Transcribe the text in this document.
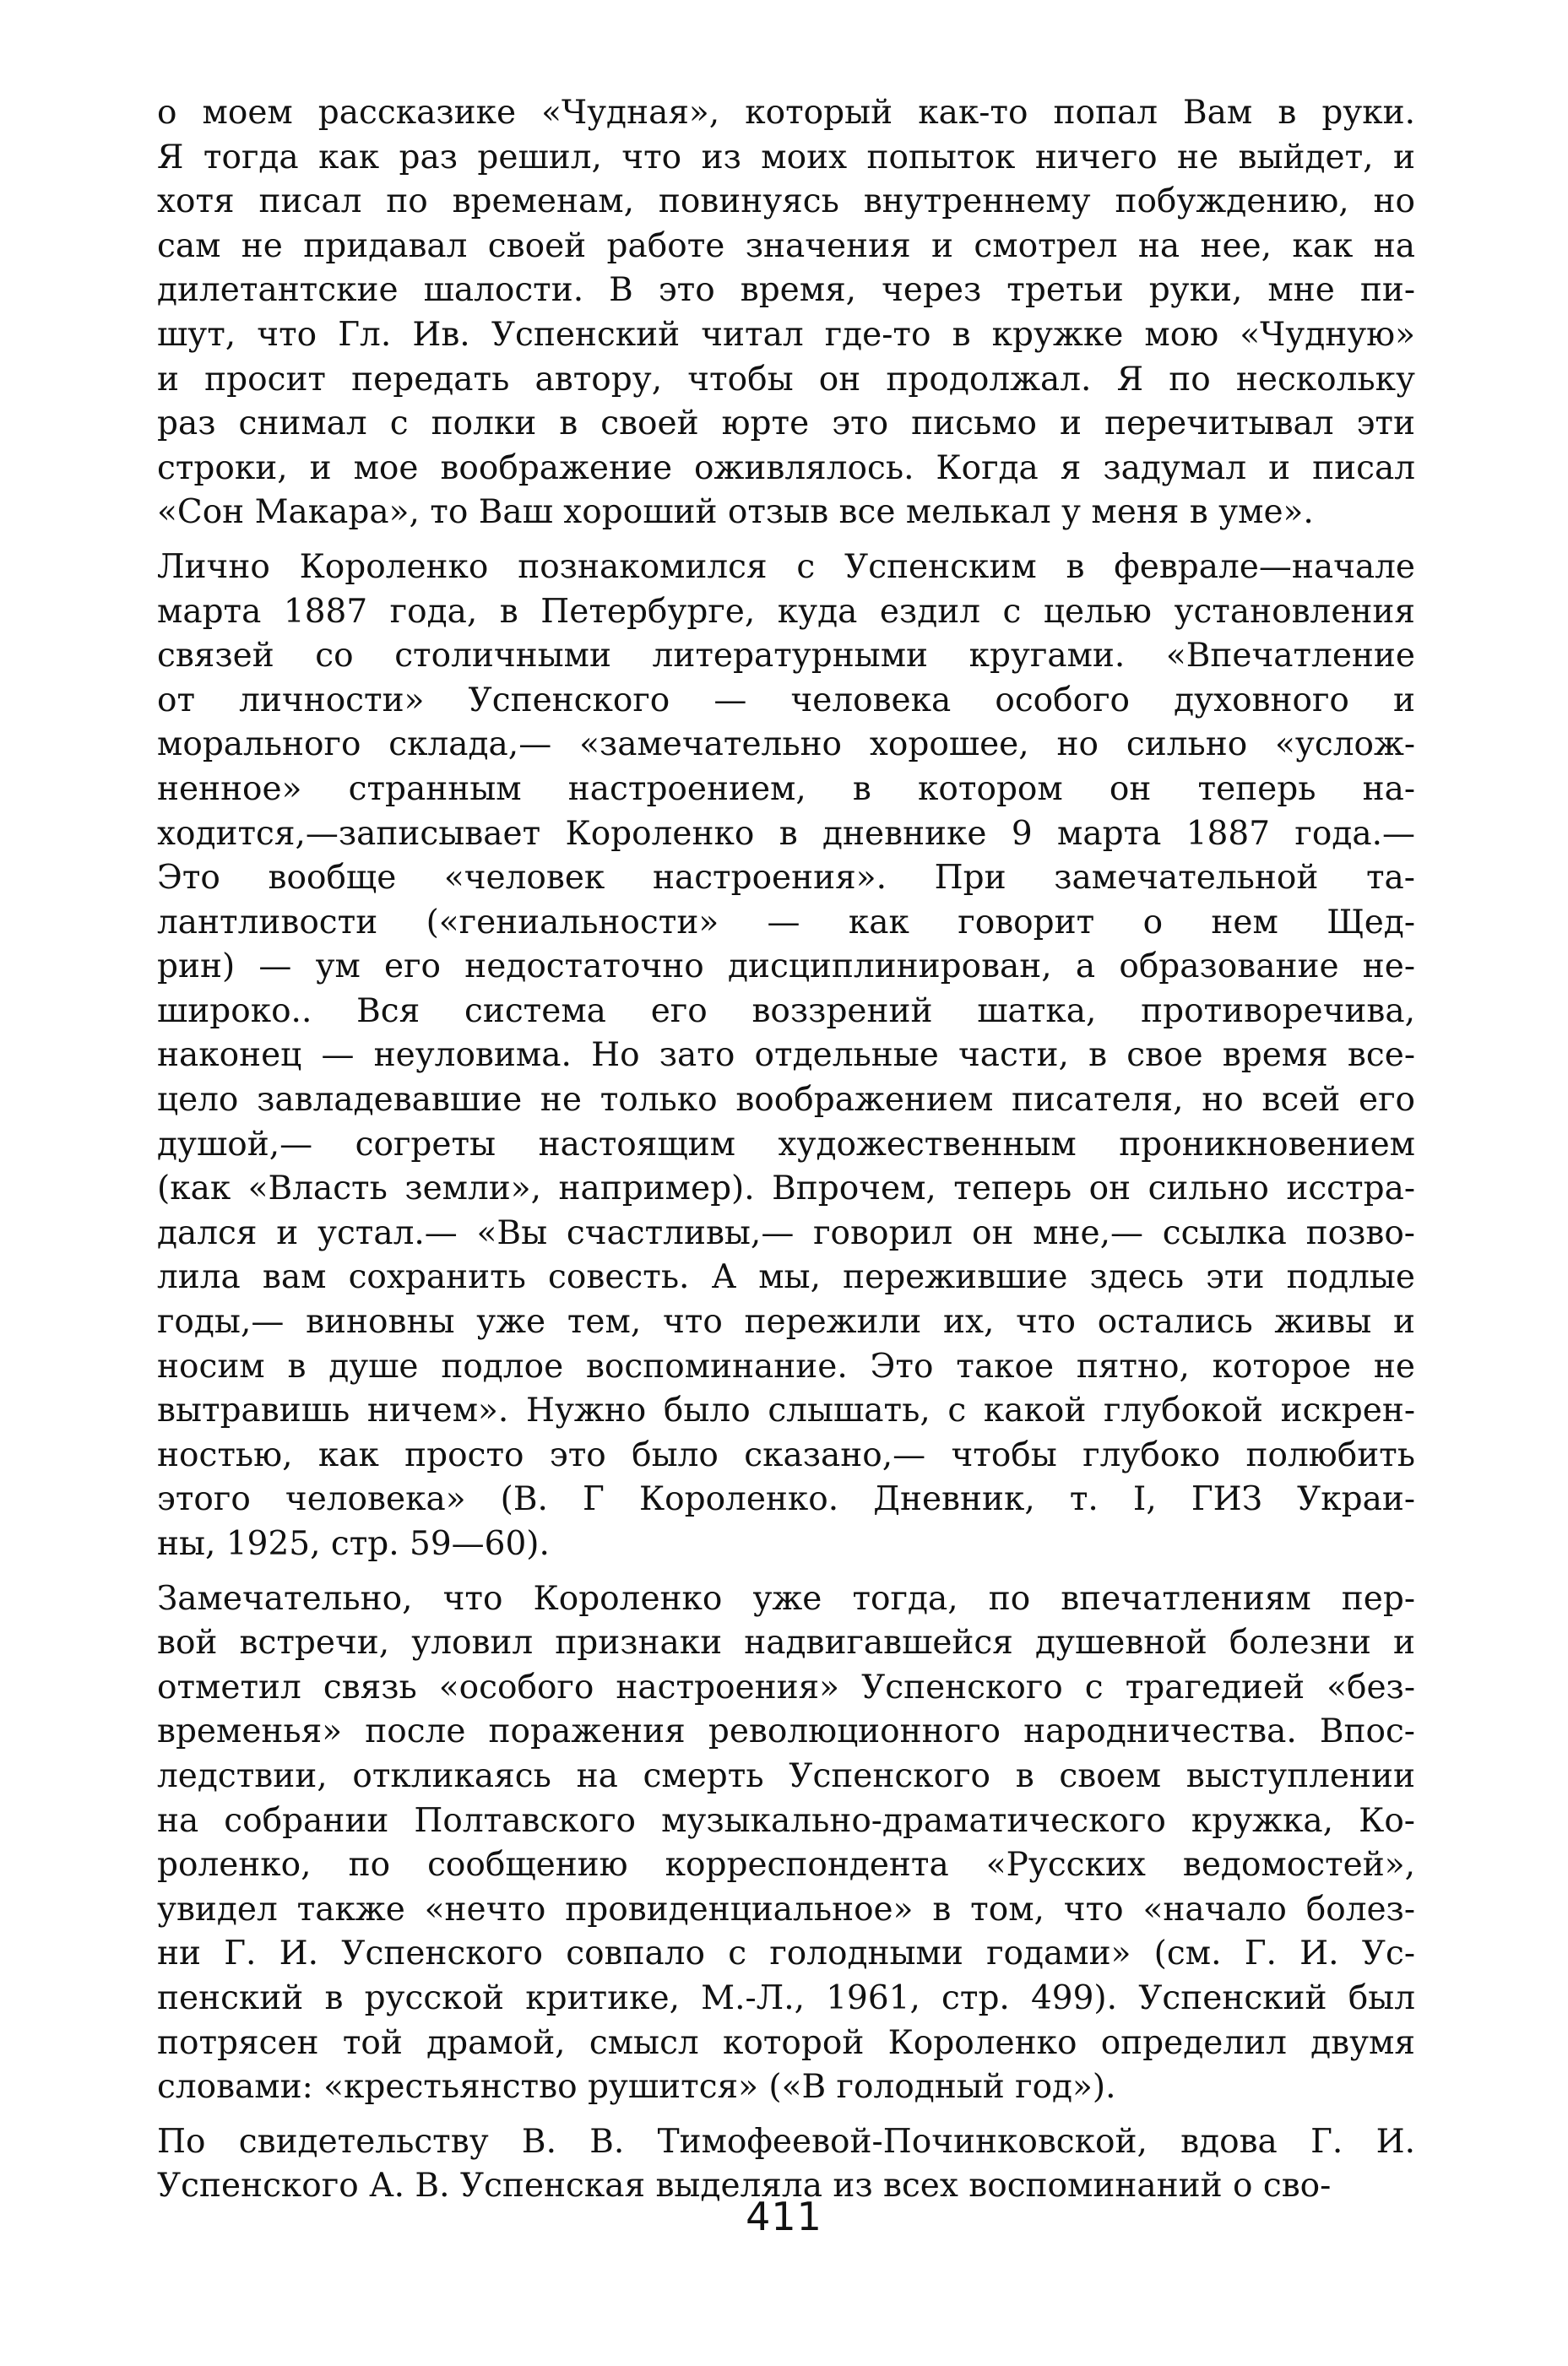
о моем рассказике «Чудная», который как-то попал Вам в руки.
Я тогда как раз решил, что из моих попыток ничего не выйдет, и
хотя писал по временам, повинуясь внутреннему побуждению, но
сам не придавал своей работе значения и смотрел на нее, как на
дилетантские шалости. В это время, через третьи руки, мне пи-
шут, что Гл. Ив. Успенский читал где-то в кружке мою «Чудную»
и просит передать автору, чтобы он продолжал. Я по нескольку
раз снимал с полки в своей юрте это письмо и перечитывал эти
строки, и мое воображение оживлялось. Когда я задумал и писал
«Сон Макара», то Ваш хороший отзыв все мелькал у меня в уме».
Лично Короленко познакомился с Успенским в феврале—начале
марта 1887 года, в Петербурге, куда ездил с целью установления
связей со столичными литературными кругами. «Впечатление
от личности» Успенского — человека особого духовного и
морального склада,— «замечательно хорошее, но сильно «услож-
ненное» странным настроением, в котором он теперь на-
ходится,—записывает Короленко в дневнике 9 марта 1887 года.—
Это вообще «человек настроения». При замечательной та-
лантливости («гениальности» — как говорит о нем Щед-
рин) — ум его недостаточно дисциплинирован, а образование не-
широко.. Вся система его воззрений шатка, противоречива,
наконец — неуловима. Но зато отдельные части, в свое время все-
цело завладевавшие не только воображением писателя, но всей его
душой,— согреты настоящим художественным проникновением
(как «Власть земли», например). Впрочем, теперь он сильно исстра-
дался и устал.— «Вы счастливы,— говорил он мне,— ссылка позво-
лила вам сохранить совесть. А мы, пережившие здесь эти подлые
годы,— виновны уже тем, что пережили их, что остались живы и
носим в душе подлое воспоминание. Это такое пятно, которое не
вытравишь ничем». Нужно было слышать, с какой глубокой искрен-
ностью, как просто это было сказано,— чтобы глубоко полюбить
этого человека» (В. Г Короленко. Дневник, т. I, ГИЗ Украи-
ны, 1925, стр. 59—60).
Замечательно, что Короленко уже тогда, по впечатлениям пер-
вой встречи, уловил признаки надвигавшейся душевной болезни и
отметил связь «особого настроения» Успенского с трагедией «без-
временья» после поражения революционного народничества. Впос-
ледствии, откликаясь на смерть Успенского в своем выступлении
на собрании Полтавского музыкально-драматического кружка, Ко-
роленко, по сообщению корреспондента «Русских ведомостей»,
увидел также «нечто провиденциальное» в том, что «начало болез-
ни Г. И. Успенского совпало с голодными годами» (см. Г. И. Ус-
пенский в русской критике, М.-Л., 1961, стр. 499). Успенский был
потрясен той драмой, смысл которой Короленко определил двумя
словами: «крестьянство рушится» («В голодный год»).
По свидетельству В. В. Тимофеевой-Починковской, вдова Г. И.
Успенского А. В. Успенская выделяла из всех воспоминаний о сво-
411
